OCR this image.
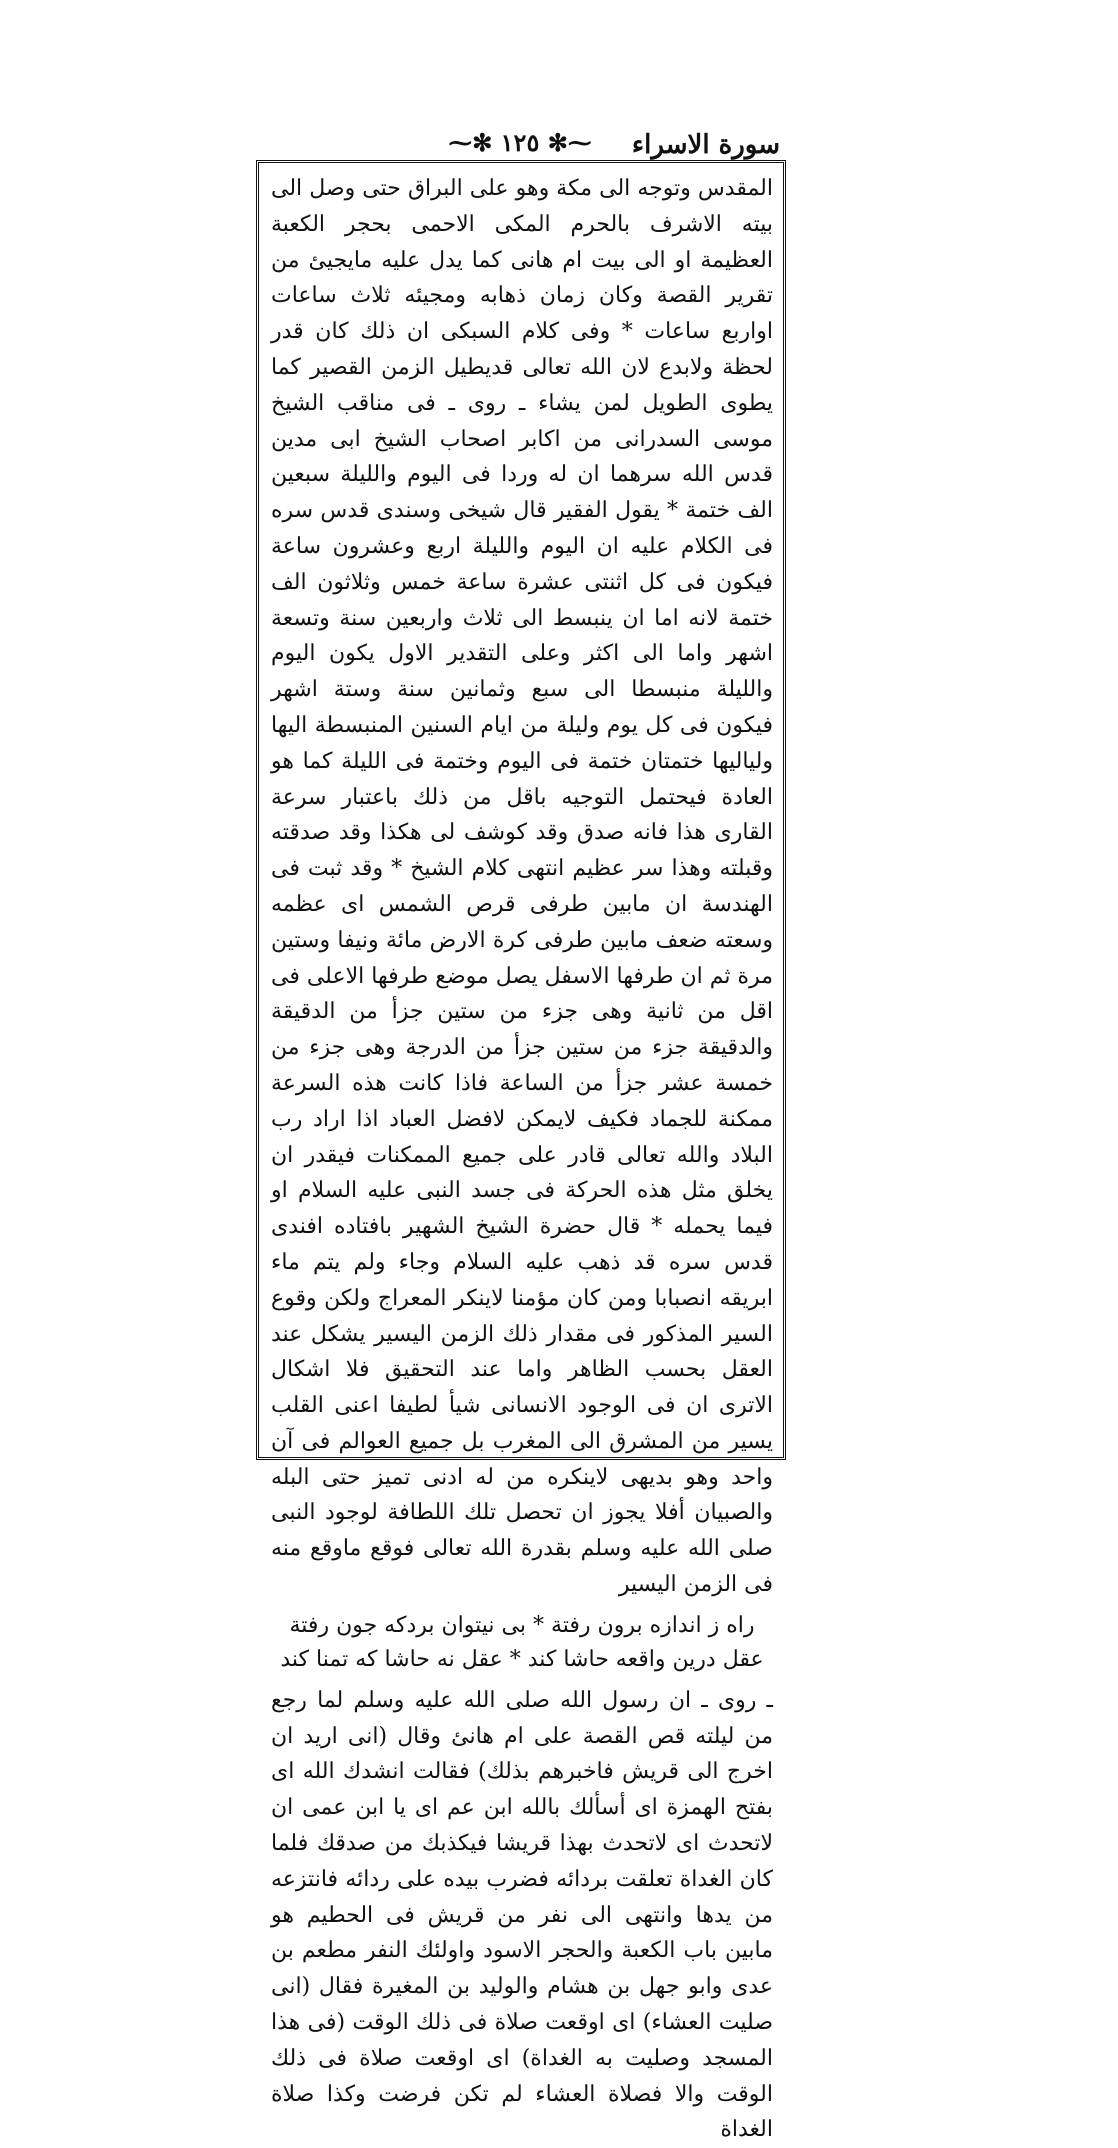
سورة الاسراء
⁓✻ ١٢٥ ✻⁓

المقدس وتوجه الى مكة وهو على البراق حتى وصل الى بيته الاشرف بالحرم المكى الاحمى بحجر الكعبة العظيمة او الى بيت ام هانى كما يدل عليه مايجيئ من تقرير القصة وكان زمان ذهابه ومجيئه ثلاث ساعات اواربع ساعات * وفى كلام السبكى ان ذلك كان قدر لحظة ولابدع لان الله تعالى قديطيل الزمن القصير كما يطوى الطويل لمن يشاء ـ روى ـ فى مناقب الشيخ موسى السدرانى من اكابر اصحاب الشيخ ابى مدين قدس الله سرهما ان له وردا فى اليوم والليلة سبعين الف ختمة * يقول الفقير قال شيخى وسندى قدس سره فى الكلام عليه ان اليوم والليلة اربع وعشرون ساعة فيكون فى كل اثنتى عشرة ساعة خمس وثلاثون الف ختمة لانه اما ان ينبسط الى ثلاث واربعين سنة وتسعة اشهر واما الى اكثر وعلى التقدير الاول يكون اليوم والليلة منبسطا الى سبع وثمانين سنة وستة اشهر فيكون فى كل يوم وليلة من ايام السنين المنبسطة اليها ولياليها ختمتان ختمة فى اليوم وختمة فى الليلة كما هو العادة فيحتمل التوجيه باقل من ذلك باعتبار سرعة القارى هذا فانه صدق وقد كوشف لى هكذا وقد صدقته وقبلته وهذا سر عظيم انتهى كلام الشيخ * وقد ثبت فى الهندسة ان مابين طرفى قرص الشمس اى عظمه وسعته ضعف مابين طرفى كرة الارض مائة ونيفا وستين مرة ثم ان طرفها الاسفل يصل موضع طرفها الاعلى فى اقل من ثانية وهى جزء من ستين جزأ من الدقيقة والدقيقة جزء من ستين جزأ من الدرجة وهى جزء من خمسة عشر جزأ من الساعة فاذا كانت هذه السرعة ممكنة للجماد فكيف لايمكن لافضل العباد اذا اراد رب البلاد والله تعالى قادر على جميع الممكنات فيقدر ان يخلق مثل هذه الحركة فى جسد النبى عليه السلام او فيما يحمله * قال حضرة الشيخ الشهير بافتاده افندى قدس سره قد ذهب عليه السلام وجاء ولم يتم ماء ابريقه انصبابا ومن كان مؤمنا لاينكر المعراج ولكن وقوع السير المذكور فى مقدار ذلك الزمن اليسير يشكل عند العقل بحسب الظاهر واما عند التحقيق فلا اشكال الاترى ان فى الوجود الانسانى شيأ لطيفا اعنى القلب يسير من المشرق الى المغرب بل جميع العوالم فى آن واحد وهو بديهى لاينكره من له ادنى تميز حتى البله والصبيان أفلا يجوز ان تحصل تلك اللطافة لوجود النبى صلى الله عليه وسلم بقدرة الله تعالى فوقع ماوقع منه فى الزمن اليسير

راه ز اندازه برون رفتة * بى نيتوان بردكه جون رفتة
عقل درين واقعه حاشا كند * عقل نه حاشا كه تمنا كند

ـ روى ـ ان رسول الله صلى الله عليه وسلم لما رجع من ليلته قص القصة على ام هانئ وقال (انى اريد ان اخرج الى قريش فاخبرهم بذلك) فقالت انشدك الله اى بفتح الهمزة اى أسألك بالله ابن عم اى يا ابن عمى ان لاتحدث اى لاتحدث بهذا قريشا فيكذبك من صدقك فلما كان الغداة تعلقت بردائه فضرب بيده على ردائه فانتزعه من يدها وانتهى الى نفر من قريش فى الحطيم هو مابين باب الكعبة والحجر الاسود واولئك النفر مطعم بن عدى وابو جهل بن هشام والوليد بن المغيرة فقال (انى صليت العشاء) اى اوقعت صلاة فى ذلك الوقت (فى هذا المسجد وصليت به الغداة) اى اوقعت صلاة فى ذلك الوقت والا فصلاة العشاء لم تكن فرضت وكذا صلاة الغداة
